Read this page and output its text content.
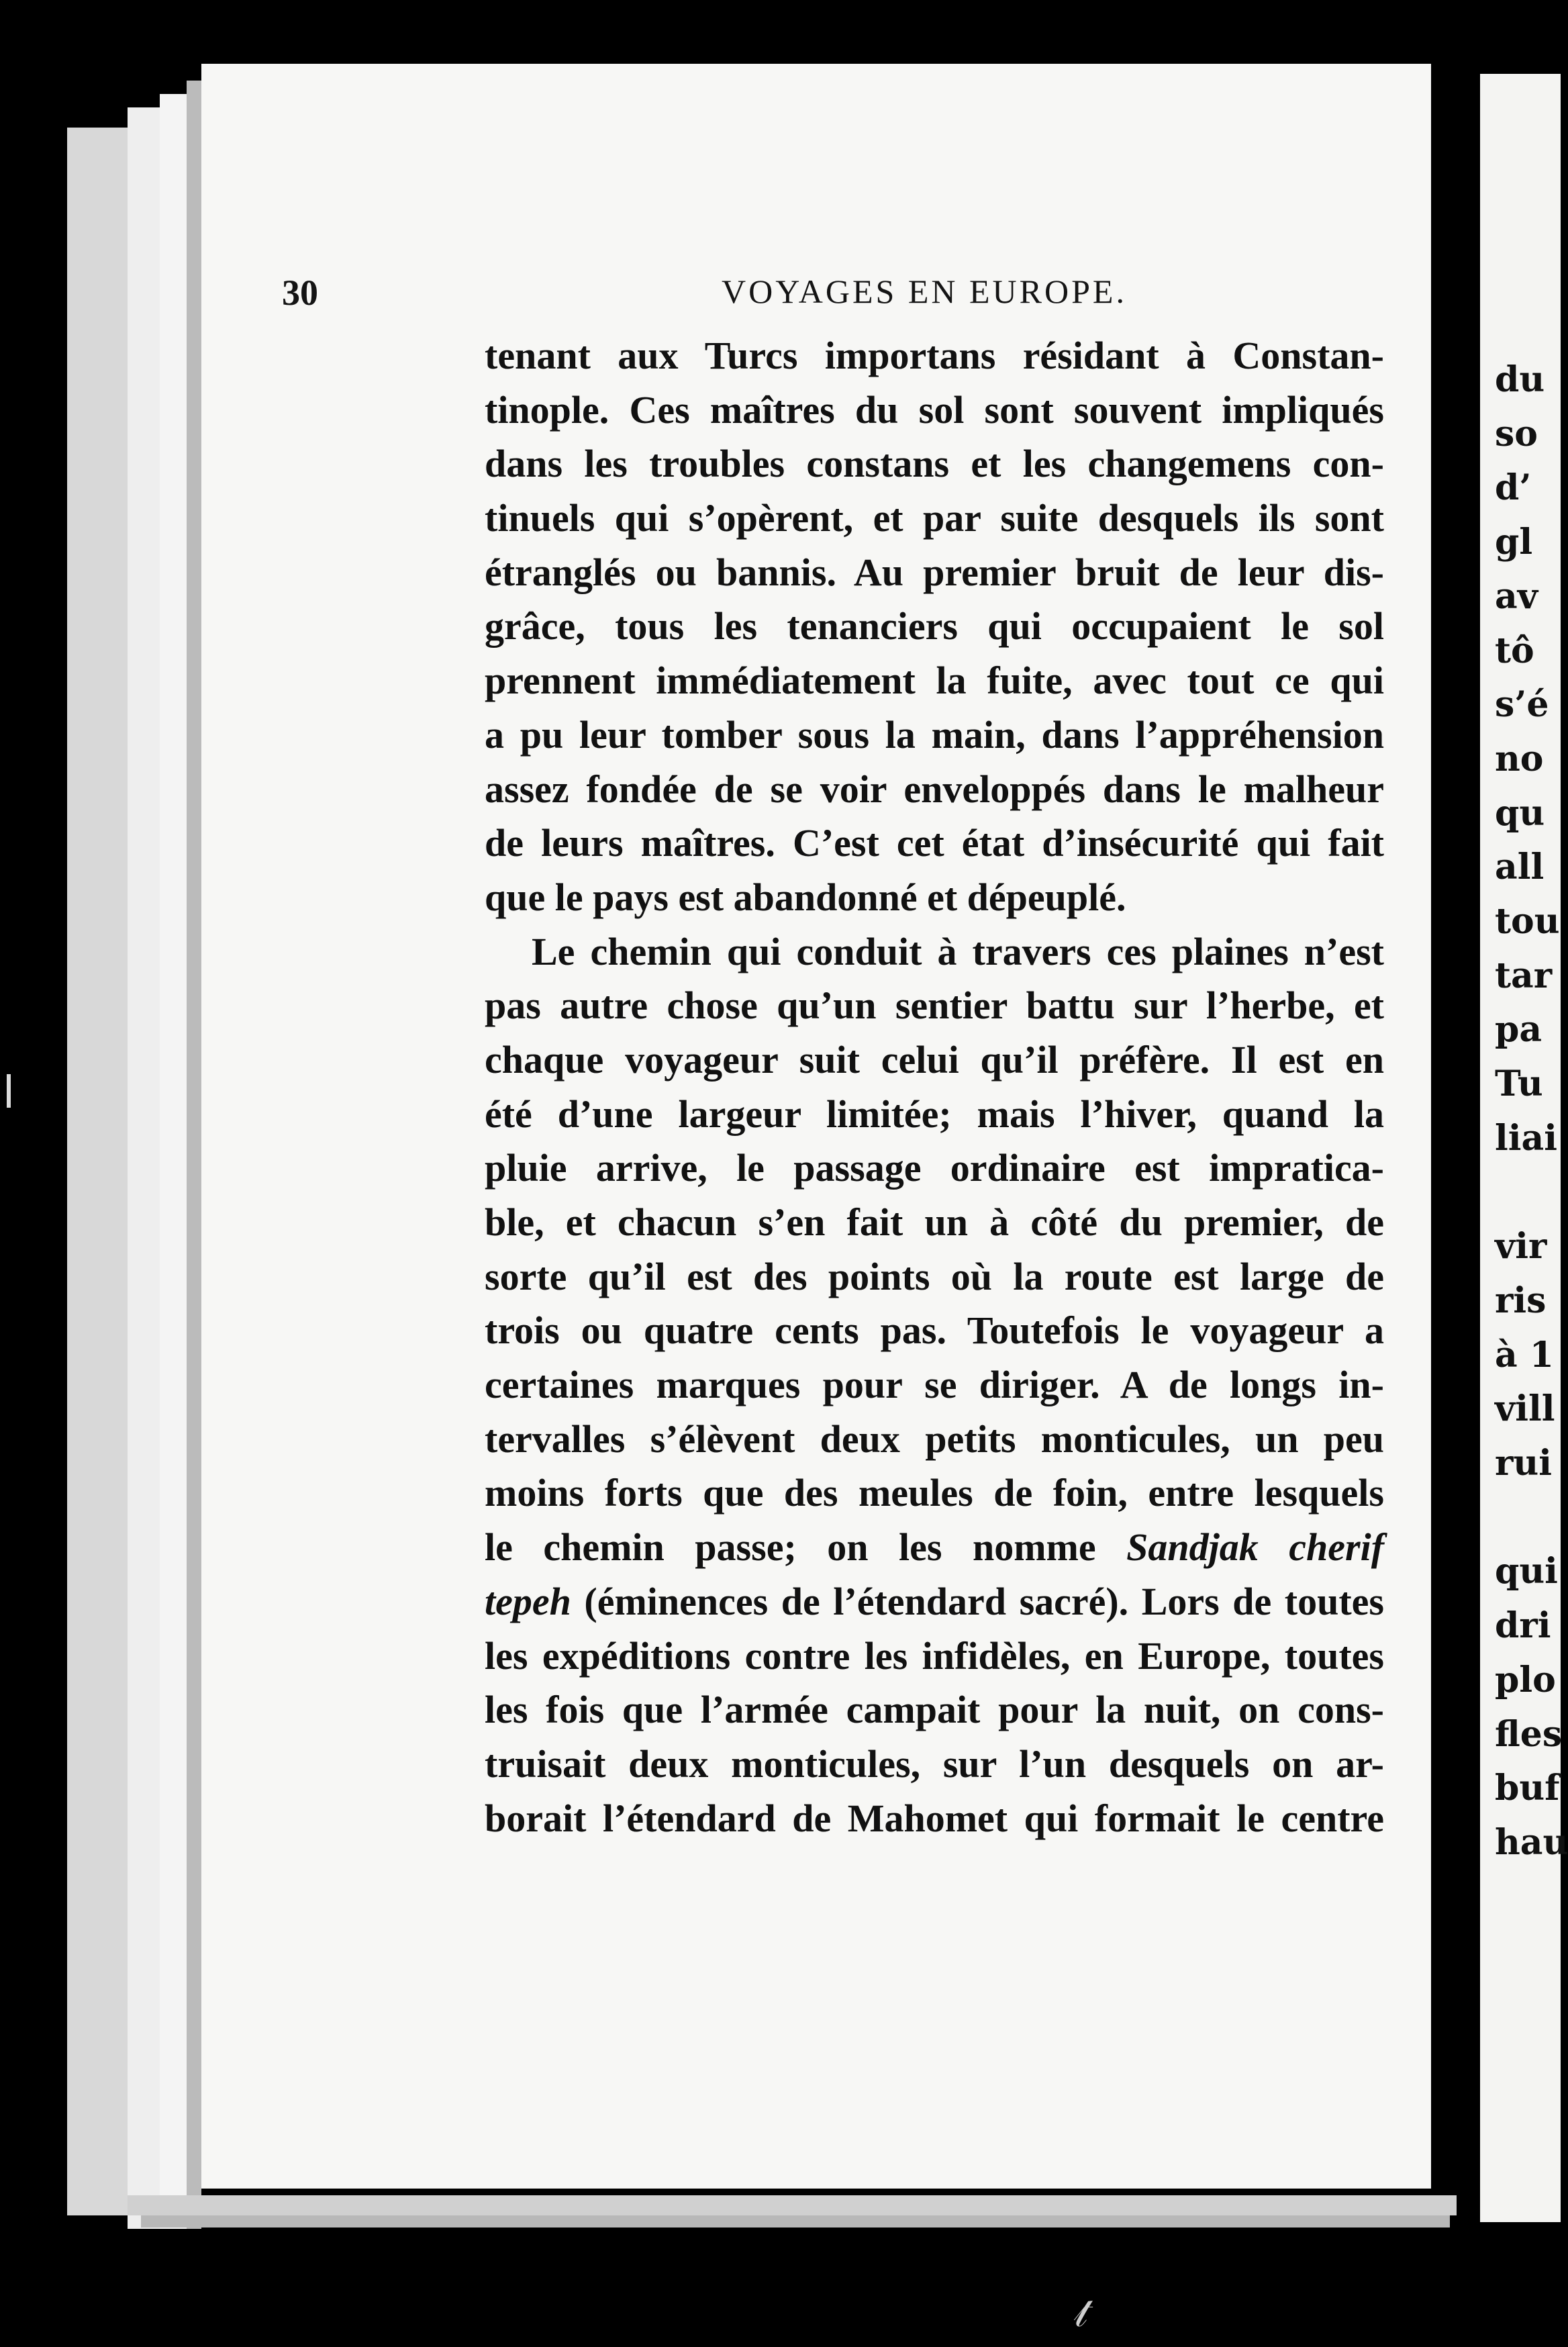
30	VOYAGES EN EUROPE.
tenant aux Turcs importans résidant à Constan-
tinople. Ces maîtres du sol sont souvent impliqués
dans les troubles constans et les changemens con-
tinuels qui s’opèrent, et par suite desquels ils sont
étranglés ou bannis. Au premier bruit de leur dis-
grâce, tous les tenanciers qui occupaient le sol
prennent immédiatement la fuite, avec tout ce qui
a pu leur tomber sous la main, dans l’appréhension
assez fondée de se voir enveloppés dans le malheur
de leurs maîtres. C’est cet état d’insécurité qui fait
que le pays est abandonné et dépeuplé.
Le chemin qui conduit à travers ces plaines n’est
pas autre chose qu’un sentier battu sur l’herbe, et
chaque voyageur suit celui qu’il préfère. Il est en
été d’une largeur limitée; mais l’hiver, quand la
pluie arrive, le passage ordinaire est impratica-
ble, et chacun s’en fait un à côté du premier, de
sorte qu’il est des points où la route est large de
trois ou quatre cents pas. Toutefois le voyageur a
certaines marques pour se diriger. A de longs in-
tervalles s’élèvent deux petits monticules, un peu
moins forts que des meules de foin, entre lesquels
le chemin passe; on les nomme Sandjak cherif
tepeh (éminences de l’étendard sacré). Lors de toutes
les expéditions contre les infidèles, en Europe, toutes
les fois que l’armée campait pour la nuit, on cons-
truisait deux monticules, sur l’un desquels on ar-
borait l’étendard de Mahomet qui formait le centre
du
so
d’
gl
av
tô
s’é
no
qu
all
tou
tar
pa
Tu
liai
vir
ris
à 1
vill
rui
qui
dri
plo
fles
buf
hau
𝓉
